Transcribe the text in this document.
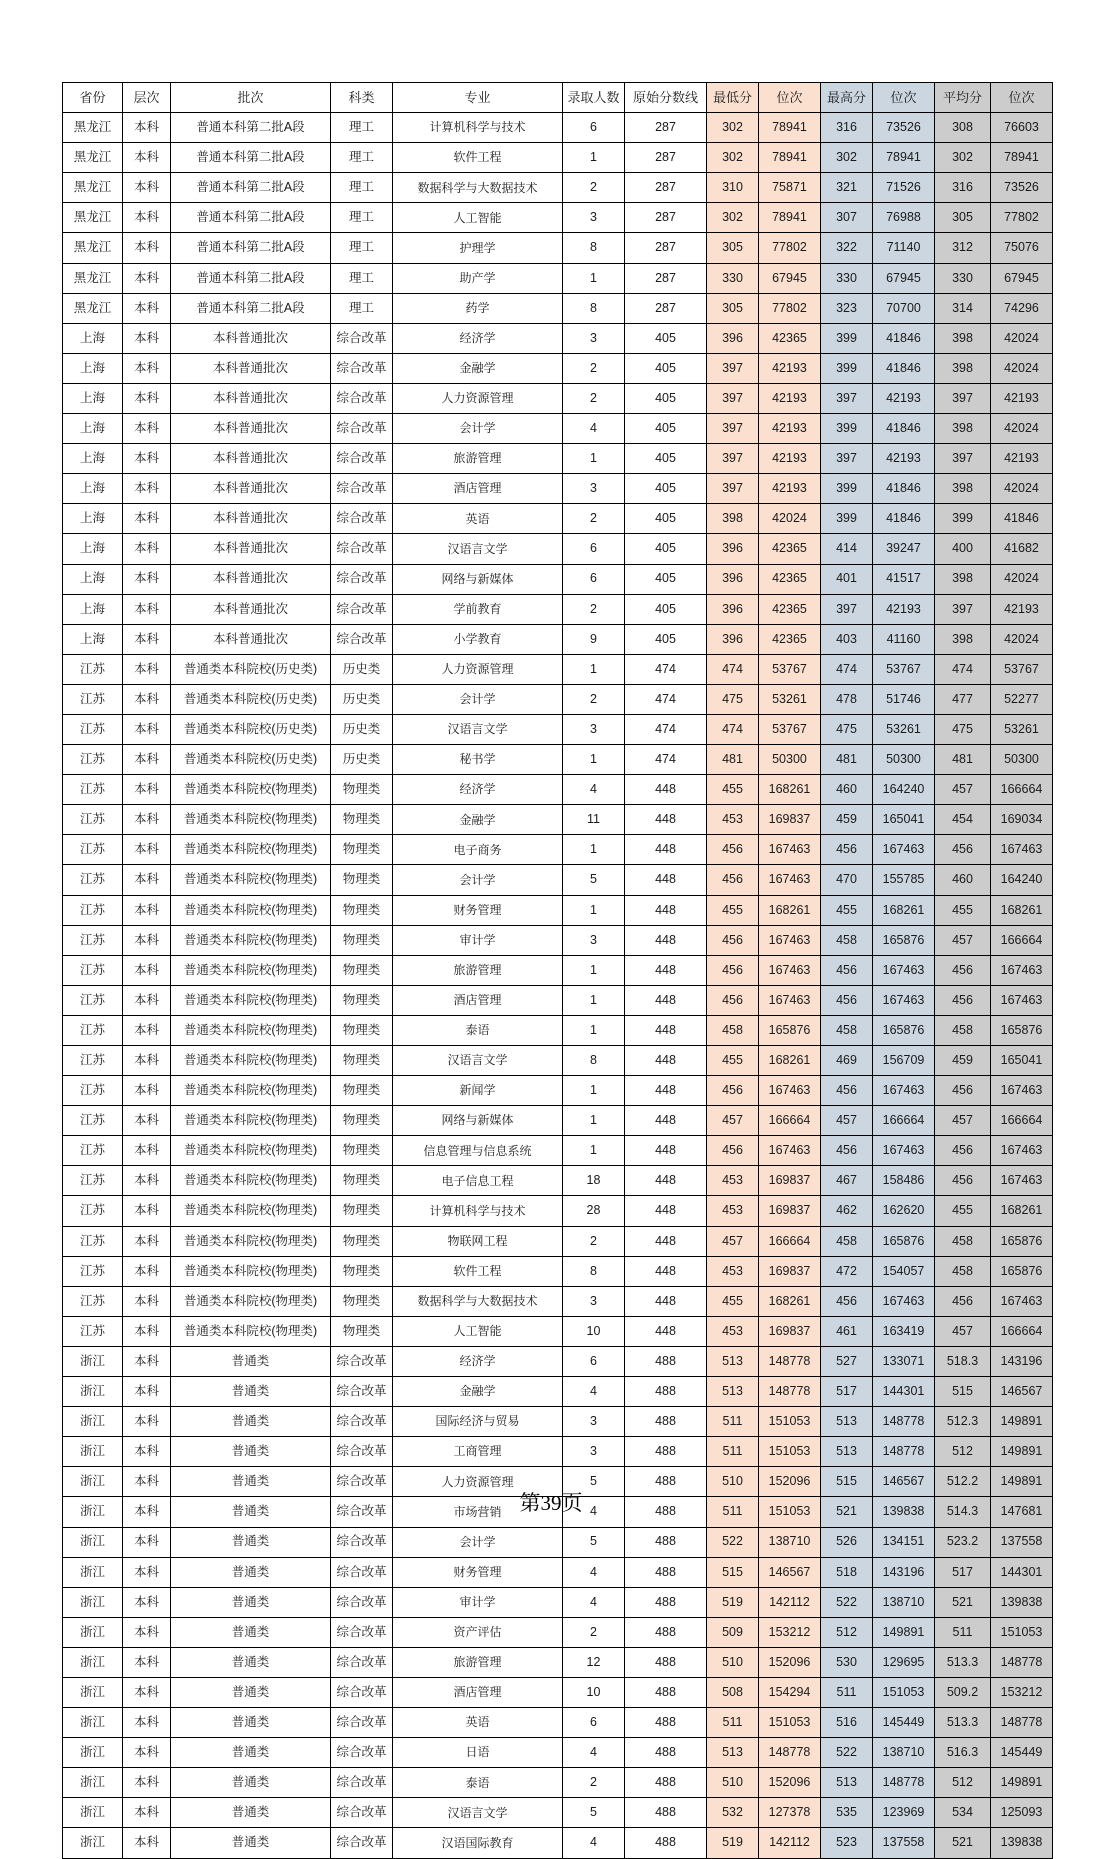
省份	层次	批次	科类	专业	录取人数	原始分数线	最低分	位次	最高分	位次	平均分	位次
黑龙江	本科	普通本科第二批A段	理工	计算机科学与技术	6	287	302	78941	316	73526	308	76603
黑龙江	本科	普通本科第二批A段	理工	软件工程	1	287	302	78941	302	78941	302	78941
黑龙江	本科	普通本科第二批A段	理工	数据科学与大数据技术	2	287	310	75871	321	71526	316	73526
黑龙江	本科	普通本科第二批A段	理工	人工智能	3	287	302	78941	307	76988	305	77802
黑龙江	本科	普通本科第二批A段	理工	护理学	8	287	305	77802	322	71140	312	75076
黑龙江	本科	普通本科第二批A段	理工	助产学	1	287	330	67945	330	67945	330	67945
黑龙江	本科	普通本科第二批A段	理工	药学	8	287	305	77802	323	70700	314	74296
上海	本科	本科普通批次	综合改革	经济学	3	405	396	42365	399	41846	398	42024
上海	本科	本科普通批次	综合改革	金融学	2	405	397	42193	399	41846	398	42024
上海	本科	本科普通批次	综合改革	人力资源管理	2	405	397	42193	397	42193	397	42193
上海	本科	本科普通批次	综合改革	会计学	4	405	397	42193	399	41846	398	42024
上海	本科	本科普通批次	综合改革	旅游管理	1	405	397	42193	397	42193	397	42193
上海	本科	本科普通批次	综合改革	酒店管理	3	405	397	42193	399	41846	398	42024
上海	本科	本科普通批次	综合改革	英语	2	405	398	42024	399	41846	399	41846
上海	本科	本科普通批次	综合改革	汉语言文学	6	405	396	42365	414	39247	400	41682
上海	本科	本科普通批次	综合改革	网络与新媒体	6	405	396	42365	401	41517	398	42024
上海	本科	本科普通批次	综合改革	学前教育	2	405	396	42365	397	42193	397	42193
上海	本科	本科普通批次	综合改革	小学教育	9	405	396	42365	403	41160	398	42024
江苏	本科	普通类本科院校(历史类)	历史类	人力资源管理	1	474	474	53767	474	53767	474	53767
江苏	本科	普通类本科院校(历史类)	历史类	会计学	2	474	475	53261	478	51746	477	52277
江苏	本科	普通类本科院校(历史类)	历史类	汉语言文学	3	474	474	53767	475	53261	475	53261
江苏	本科	普通类本科院校(历史类)	历史类	秘书学	1	474	481	50300	481	50300	481	50300
江苏	本科	普通类本科院校(物理类)	物理类	经济学	4	448	455	168261	460	164240	457	166664
江苏	本科	普通类本科院校(物理类)	物理类	金融学	11	448	453	169837	459	165041	454	169034
江苏	本科	普通类本科院校(物理类)	物理类	电子商务	1	448	456	167463	456	167463	456	167463
江苏	本科	普通类本科院校(物理类)	物理类	会计学	5	448	456	167463	470	155785	460	164240
江苏	本科	普通类本科院校(物理类)	物理类	财务管理	1	448	455	168261	455	168261	455	168261
江苏	本科	普通类本科院校(物理类)	物理类	审计学	3	448	456	167463	458	165876	457	166664
江苏	本科	普通类本科院校(物理类)	物理类	旅游管理	1	448	456	167463	456	167463	456	167463
江苏	本科	普通类本科院校(物理类)	物理类	酒店管理	1	448	456	167463	456	167463	456	167463
江苏	本科	普通类本科院校(物理类)	物理类	泰语	1	448	458	165876	458	165876	458	165876
江苏	本科	普通类本科院校(物理类)	物理类	汉语言文学	8	448	455	168261	469	156709	459	165041
江苏	本科	普通类本科院校(物理类)	物理类	新闻学	1	448	456	167463	456	167463	456	167463
江苏	本科	普通类本科院校(物理类)	物理类	网络与新媒体	1	448	457	166664	457	166664	457	166664
江苏	本科	普通类本科院校(物理类)	物理类	信息管理与信息系统	1	448	456	167463	456	167463	456	167463
江苏	本科	普通类本科院校(物理类)	物理类	电子信息工程	18	448	453	169837	467	158486	456	167463
江苏	本科	普通类本科院校(物理类)	物理类	计算机科学与技术	28	448	453	169837	462	162620	455	168261
江苏	本科	普通类本科院校(物理类)	物理类	物联网工程	2	448	457	166664	458	165876	458	165876
江苏	本科	普通类本科院校(物理类)	物理类	软件工程	8	448	453	169837	472	154057	458	165876
江苏	本科	普通类本科院校(物理类)	物理类	数据科学与大数据技术	3	448	455	168261	456	167463	456	167463
江苏	本科	普通类本科院校(物理类)	物理类	人工智能	10	448	453	169837	461	163419	457	166664
浙江	本科	普通类	综合改革	经济学	6	488	513	148778	527	133071	518.3	143196
浙江	本科	普通类	综合改革	金融学	4	488	513	148778	517	144301	515	146567
浙江	本科	普通类	综合改革	国际经济与贸易	3	488	511	151053	513	148778	512.3	149891
浙江	本科	普通类	综合改革	工商管理	3	488	511	151053	513	148778	512	149891
浙江	本科	普通类	综合改革	人力资源管理	5	488	510	152096	515	146567	512.2	149891
浙江	本科	普通类	综合改革	市场营销	4	488	511	151053	521	139838	514.3	147681
浙江	本科	普通类	综合改革	会计学	5	488	522	138710	526	134151	523.2	137558
浙江	本科	普通类	综合改革	财务管理	4	488	515	146567	518	143196	517	144301
浙江	本科	普通类	综合改革	审计学	4	488	519	142112	522	138710	521	139838
浙江	本科	普通类	综合改革	资产评估	2	488	509	153212	512	149891	511	151053
浙江	本科	普通类	综合改革	旅游管理	12	488	510	152096	530	129695	513.3	148778
浙江	本科	普通类	综合改革	酒店管理	10	488	508	154294	511	151053	509.2	153212
浙江	本科	普通类	综合改革	英语	6	488	511	151053	516	145449	513.3	148778
浙江	本科	普通类	综合改革	日语	4	488	513	148778	522	138710	516.3	145449
浙江	本科	普通类	综合改革	泰语	2	488	510	152096	513	148778	512	149891
浙江	本科	普通类	综合改革	汉语言文学	5	488	532	127378	535	123969	534	125093
浙江	本科	普通类	综合改革	汉语国际教育	4	488	519	142112	523	137558	521	139838
第39页
